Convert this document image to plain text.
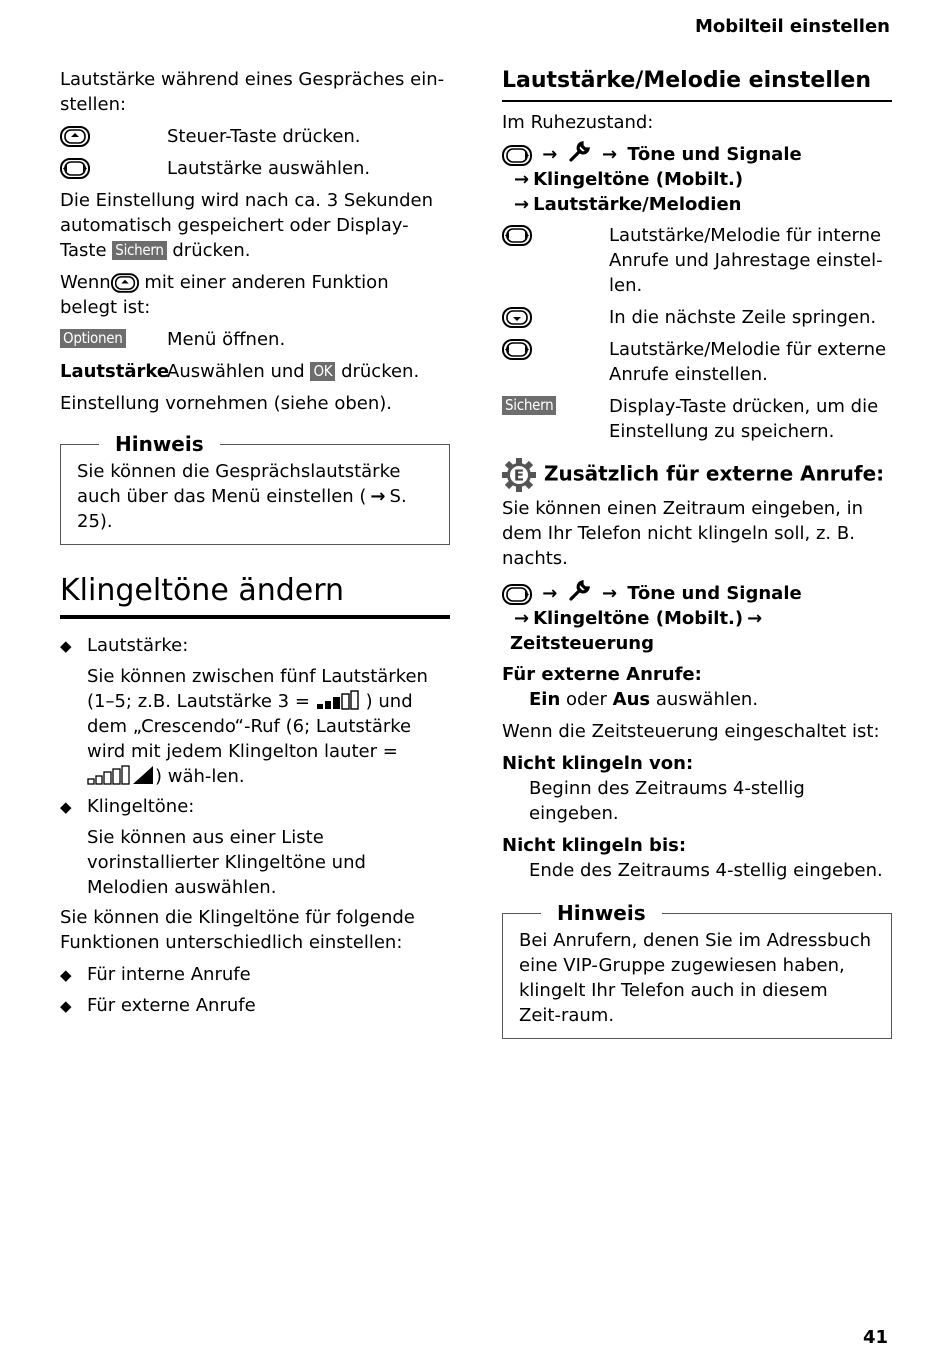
Mobilteil einstellen
Lautstärke während eines Gespräches ein-stellen:
Steuer-Taste drücken.
Lautstärke auswählen.
Die Einstellung wird nach ca. 3 Sekunden automatisch gespeichert oder Display-Taste Sichern drücken.
Wenn mit einer anderen Funktion belegt ist:
Optionen Menü öffnen.
Lautstärke
Auswählen und OK drücken.
Einstellung vornehmen (siehe oben).
Hinweis
Sie können die Gesprächslautstärke auch über das Menü einstellen ( → S. 25).
Klingeltöne ändern
◆ Lautstärke:
Sie können zwischen fünf Lautstärken (1–5; z.B. Lautstärke 3 =	) und dem „Crescendo“-Ruf (6; Lautstärke wird mit jedem Klingelton lauter = ) wäh-len.
◆ Klingeltöne:
Sie können aus einer Liste vorinstallierter Klingeltöne und Melodien auswählen.
Sie können die Klingeltöne für folgende Funktionen unterschiedlich einstellen:
◆ Für interne Anrufe
◆ Für externe Anrufe
Lautstärke/Melodie einstellen
Im Ruhezustand:
→ → Töne und Signale
→ Klingeltöne (Mobilt.)
→ Lautstärke/Melodien
Lautstärke/Melodie für interne Anrufe und Jahrestage einstel-len.
In die nächste Zeile springen.
Lautstärke/Melodie für externe Anrufe einstellen.
Sichern	Display-Taste drücken, um die Einstellung zu speichern.
E Zusätzlich für externe Anrufe:
Sie können einen Zeitraum eingeben, in dem Ihr Telefon nicht klingeln soll, z. B. nachts.
→ → Töne und Signale
→ Klingeltöne (Mobilt.) →Zeitsteuerung
Für externe Anrufe:
Ein oder Aus auswählen.
Wenn die Zeitsteuerung eingeschaltet ist:
Nicht klingeln von:
Beginn des Zeitraums 4-stellig eingeben.
Nicht klingeln bis:
Ende des Zeitraums 4-stellig eingeben.
Hinweis
Bei Anrufern, denen Sie im Adressbuch eine VIP-Gruppe zugewiesen haben, klingelt Ihr Telefon auch in diesem Zeit-raum.
41
